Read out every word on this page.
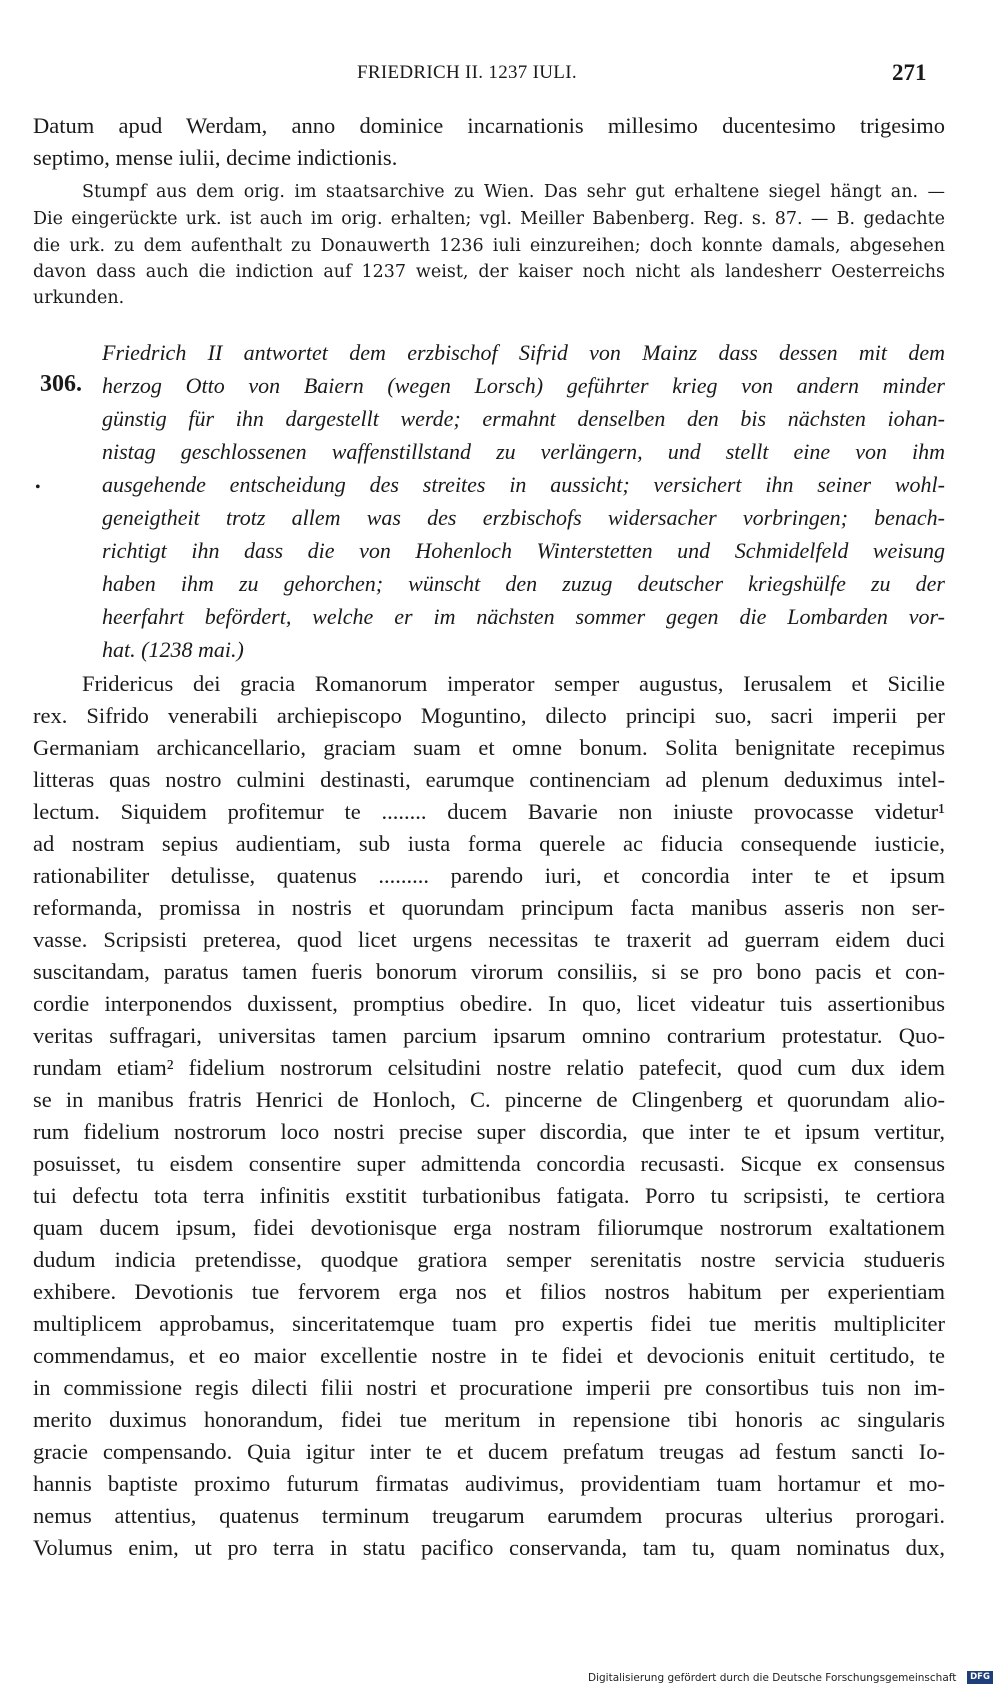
FRIEDRICH II. 1237 IULI.	271
Datum apud Werdam, anno dominice incarnationis millesimo ducentesimo trigesimo
septimo, mense iulii, decime indictionis.
Stumpf aus dem orig. im staatsarchive zu Wien. Das sehr gut erhaltene siegel hängt an. —
Die eingerückte urk. ist auch im orig. erhalten; vgl. Meiller Babenberg. Reg. s. 87. — B. gedachte
die urk. zu dem aufenthalt zu Donauwerth 1236 iuli einzureihen; doch konnte damals, abgesehen
davon dass auch die indiction auf 1237 weist, der kaiser noch nicht als landesherr Oesterreichs
urkunden.
306.
•
Friedrich II antwortet dem erzbischof Sifrid von Mainz dass dessen mit dem
herzog Otto von Baiern (wegen Lorsch) geführter krieg von andern minder
günstig für ihn dargestellt werde; ermahnt denselben den bis nächsten iohan-
nistag geschlossenen waffenstillstand zu verlängern, und stellt eine von ihm
ausgehende entscheidung des streites in aussicht; versichert ihn seiner wohl-
geneigtheit trotz allem was des erzbischofs widersacher vorbringen; benach-
richtigt ihn dass die von Hohenloch Winterstetten und Schmidelfeld weisung
haben ihm zu gehorchen; wünscht den zuzug deutscher kriegshülfe zu der
heerfahrt befördert, welche er im nächsten sommer gegen die Lombarden vor-
hat. (1238 mai.)
Fridericus dei gracia Romanorum imperator semper augustus, Ierusalem et Sicilie
rex. Sifrido venerabili archiepiscopo Moguntino, dilecto principi suo, sacri imperii per
Germaniam archicancellario, graciam suam et omne bonum. Solita benignitate recepimus
litteras quas nostro culmini destinasti, earumque continenciam ad plenum deduximus intel-
lectum. Siquidem profitemur te ........ ducem Bavarie non iniuste provocasse videtur¹
ad nostram sepius audientiam, sub iusta forma querele ac fiducia consequende iusticie,
rationabiliter detulisse, quatenus ......... parendo iuri, et concordia inter te et ipsum
reformanda, promissa in nostris et quorundam principum facta manibus asseris non ser-
vasse. Scripsisti preterea, quod licet urgens necessitas te traxerit ad guerram eidem duci
suscitandam, paratus tamen fueris bonorum virorum consiliis, si se pro bono pacis et con-
cordie interponendos duxissent, promptius obedire. In quo, licet videatur tuis assertionibus
veritas suffragari, universitas tamen parcium ipsarum omnino contrarium protestatur. Quo-
rundam etiam² fidelium nostrorum celsitudini nostre relatio patefecit, quod cum dux idem
se in manibus fratris Henrici de Honloch, C. pincerne de Clingenberg et quorundam alio-
rum fidelium nostrorum loco nostri precise super discordia, que inter te et ipsum vertitur,
posuisset, tu eisdem consentire super admittenda concordia recusasti. Sicque ex consensus
tui defectu tota terra infinitis exstitit turbationibus fatigata. Porro tu scripsisti, te certiora
quam ducem ipsum, fidei devotionisque erga nostram filiorumque nostrorum exaltationem
dudum indicia pretendisse, quodque gratiora semper serenitatis nostre servicia studueris
exhibere. Devotionis tue fervorem erga nos et filios nostros habitum per experientiam
multiplicem approbamus, sinceritatemque tuam pro expertis fidei tue meritis multipliciter
commendamus, et eo maior excellentie nostre in te fidei et devocionis enituit certitudo, te
in commissione regis dilecti filii nostri et procuratione imperii pre consortibus tuis non im-
merito duximus honorandum, fidei tue meritum in repensione tibi honoris ac singularis
gracie compensando. Quia igitur inter te et ducem prefatum treugas ad festum sancti Io-
hannis baptiste proximo futurum firmatas audivimus, providentiam tuam hortamur et mo-
nemus attentius, quatenus terminum treugarum earumdem procuras ulterius prorogari.
Volumus enim, ut pro terra in statu pacifico conservanda, tam tu, quam nominatus dux,
Digitalisierung gefördert durch die Deutsche Forschungsgemeinschaft	DFG
